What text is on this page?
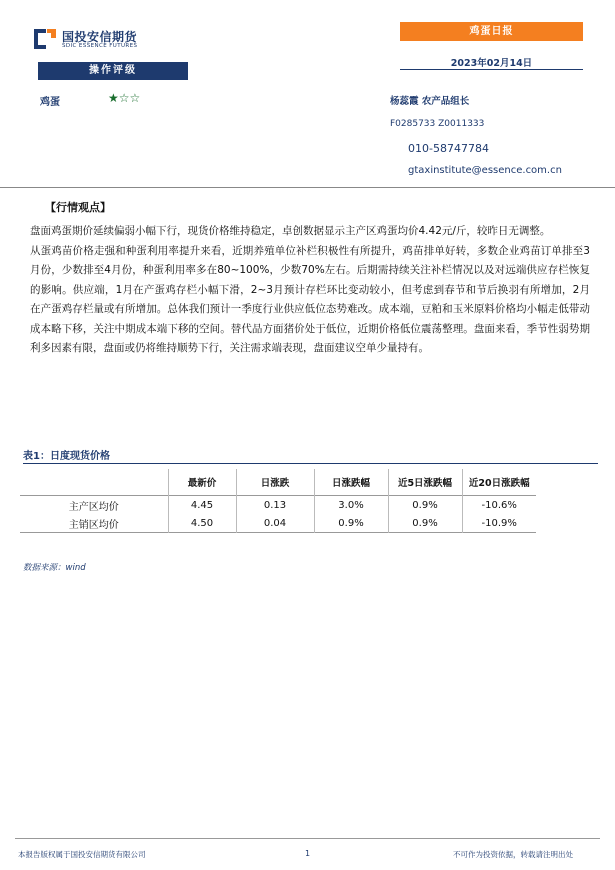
国投安信期货
SDIC ESSENCE FUTURES
鸡蛋日报
2023年02月14日
操作评级
鸡蛋	★☆☆	杨蕊霞 农产品组长
F0285733 Z0011333
010-58747784
gtaxinstitute@essence.com.cn
【行情观点】

盘面鸡蛋期价延续偏弱小幅下行，现货价格维持稳定，卓创数据显示主产区鸡蛋均价4.42元/斤，较昨日无调整。

从蛋鸡苗价格走强和种蛋利用率提升来看，近期养殖单位补栏积极性有所提升，鸡苗排单好转，多数企业鸡苗订单排至3月份，少数排至4月份，种蛋利用率多在80~100%，少数70%左右。后期需持续关注补栏情况以及对远端供应存栏恢复的影响。供应端，1月在产蛋鸡存栏小幅下滑，2~3月预计存栏环比变动较小，但考虑到春节和节后换羽有所增加，2月在产蛋鸡存栏量或有所增加。总体我们预计一季度行业供应低位态势难改。成本端，豆粕和玉米原料价格均小幅走低带动成本略下移，关注中期成本端下移的空间。替代品方面猪价处于低位，近期价格低位震荡整理。盘面来看，季节性弱势期利多因素有限，盘面或仍将维持顺势下行，关注需求端表现，盘面建议空单少量持有。

表1：日度现货价格
	最新价	日涨跌	日涨跌幅	近5日涨跌幅	近20日涨跌幅
主产区均价	4.45	0.13	3.0%	0.9%	-10.6%
主销区均价	4.50	0.04	0.9%	0.9%	-10.9%
数据来源：wind
本报告版权属于国投安信期货有限公司	1	不可作为投资依据，转载请注明出处
